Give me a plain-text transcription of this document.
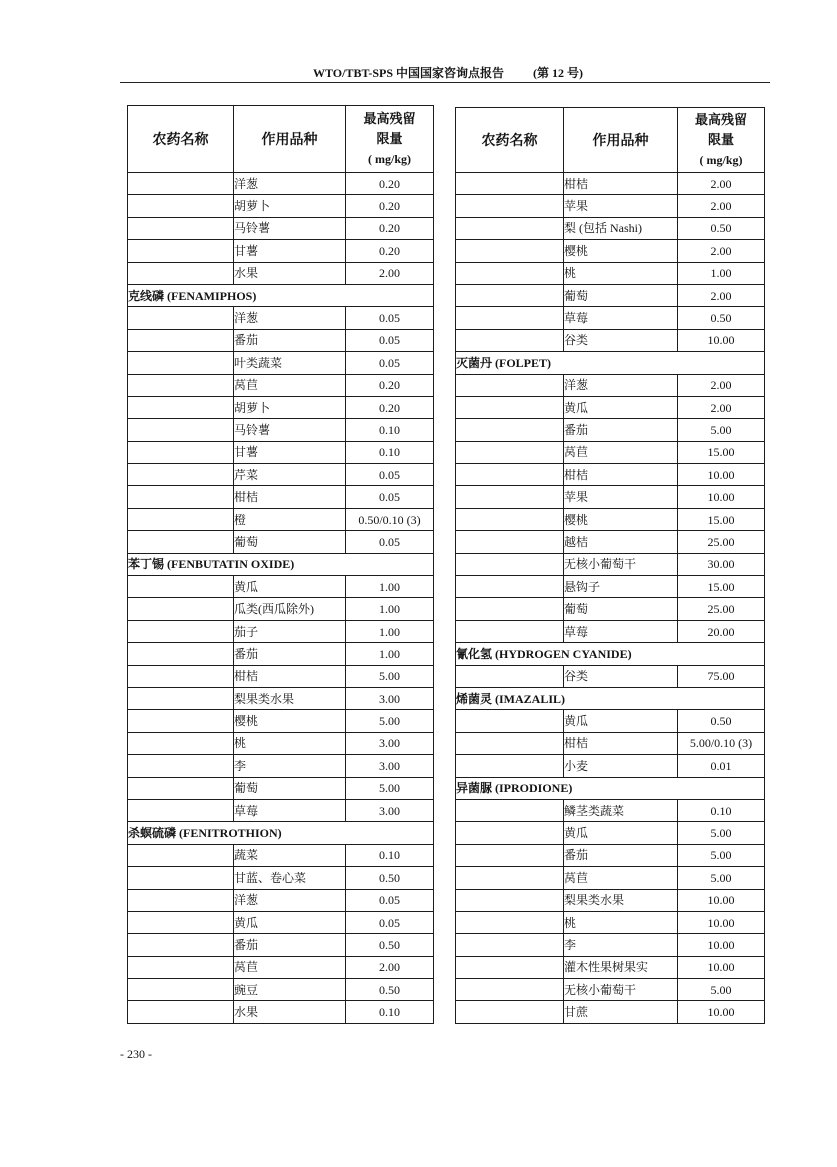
WTO/TBT-SPS 中国国家咨询点报告 (第 12 号)
农药名称	作用品种	最高残留
限量
( mg/kg)

	洋葱	0.20
	胡萝卜	0.20
	马铃薯	0.20
	甘薯	0.20
	水果	2.00
克线磷 (FENAMIPHOS)		
	洋葱	0.05
	番茄	0.05
	叶类蔬菜	0.05
	莴苣	0.20
	胡萝卜	0.20
	马铃薯	0.10
	甘薯	0.10
	芹菜	0.05
	柑桔	0.05
	橙	0.50/0.10 (3)
	葡萄	0.05
苯丁锡 (FENBUTATIN OXIDE)		
	黄瓜	1.00
	瓜类(西瓜除外)	1.00
	茄子	1.00
	番茄	1.00
	柑桔	5.00
	梨果类水果	3.00
	樱桃	5.00
	桃	3.00
	李	3.00
	葡萄	5.00
	草莓	3.00
杀螟硫磷 (FENITROTHION)		
	蔬菜	0.10
	甘蓝、卷心菜	0.50
	洋葱	0.05
	黄瓜	0.05
	番茄	0.50
	莴苣	2.00
	豌豆	0.50
	水果	0.10
农药名称	作用品种	最高残留
限量
( mg/kg)

	柑桔	2.00
	苹果	2.00
	梨 (包括 Nashi)	0.50
	樱桃	2.00
	桃	1.00
	葡萄	2.00
	草莓	0.50
	谷类	10.00
灭菌丹 (FOLPET)		
	洋葱	2.00
	黄瓜	2.00
	番茄	5.00
	莴苣	15.00
	柑桔	10.00
	苹果	10.00
	樱桃	15.00
	越桔	25.00
	无核小葡萄干	30.00
	悬钩子	15.00
	葡萄	25.00
	草莓	20.00
氰化氢 (HYDROGEN CYANIDE)		
	谷类	75.00
烯菌灵 (IMAZALIL)		
	黄瓜	0.50
	柑桔	5.00/0.10 (3)
	小麦	0.01
异菌脲 (IPRODIONE)		
	鳞茎类蔬菜	0.10
	黄瓜	5.00
	番茄	5.00
	莴苣	5.00
	梨果类水果	10.00
	桃	10.00
	李	10.00
	灌木性果树果实	10.00
	无核小葡萄干	5.00
	甘蔗	10.00
- 230 -
